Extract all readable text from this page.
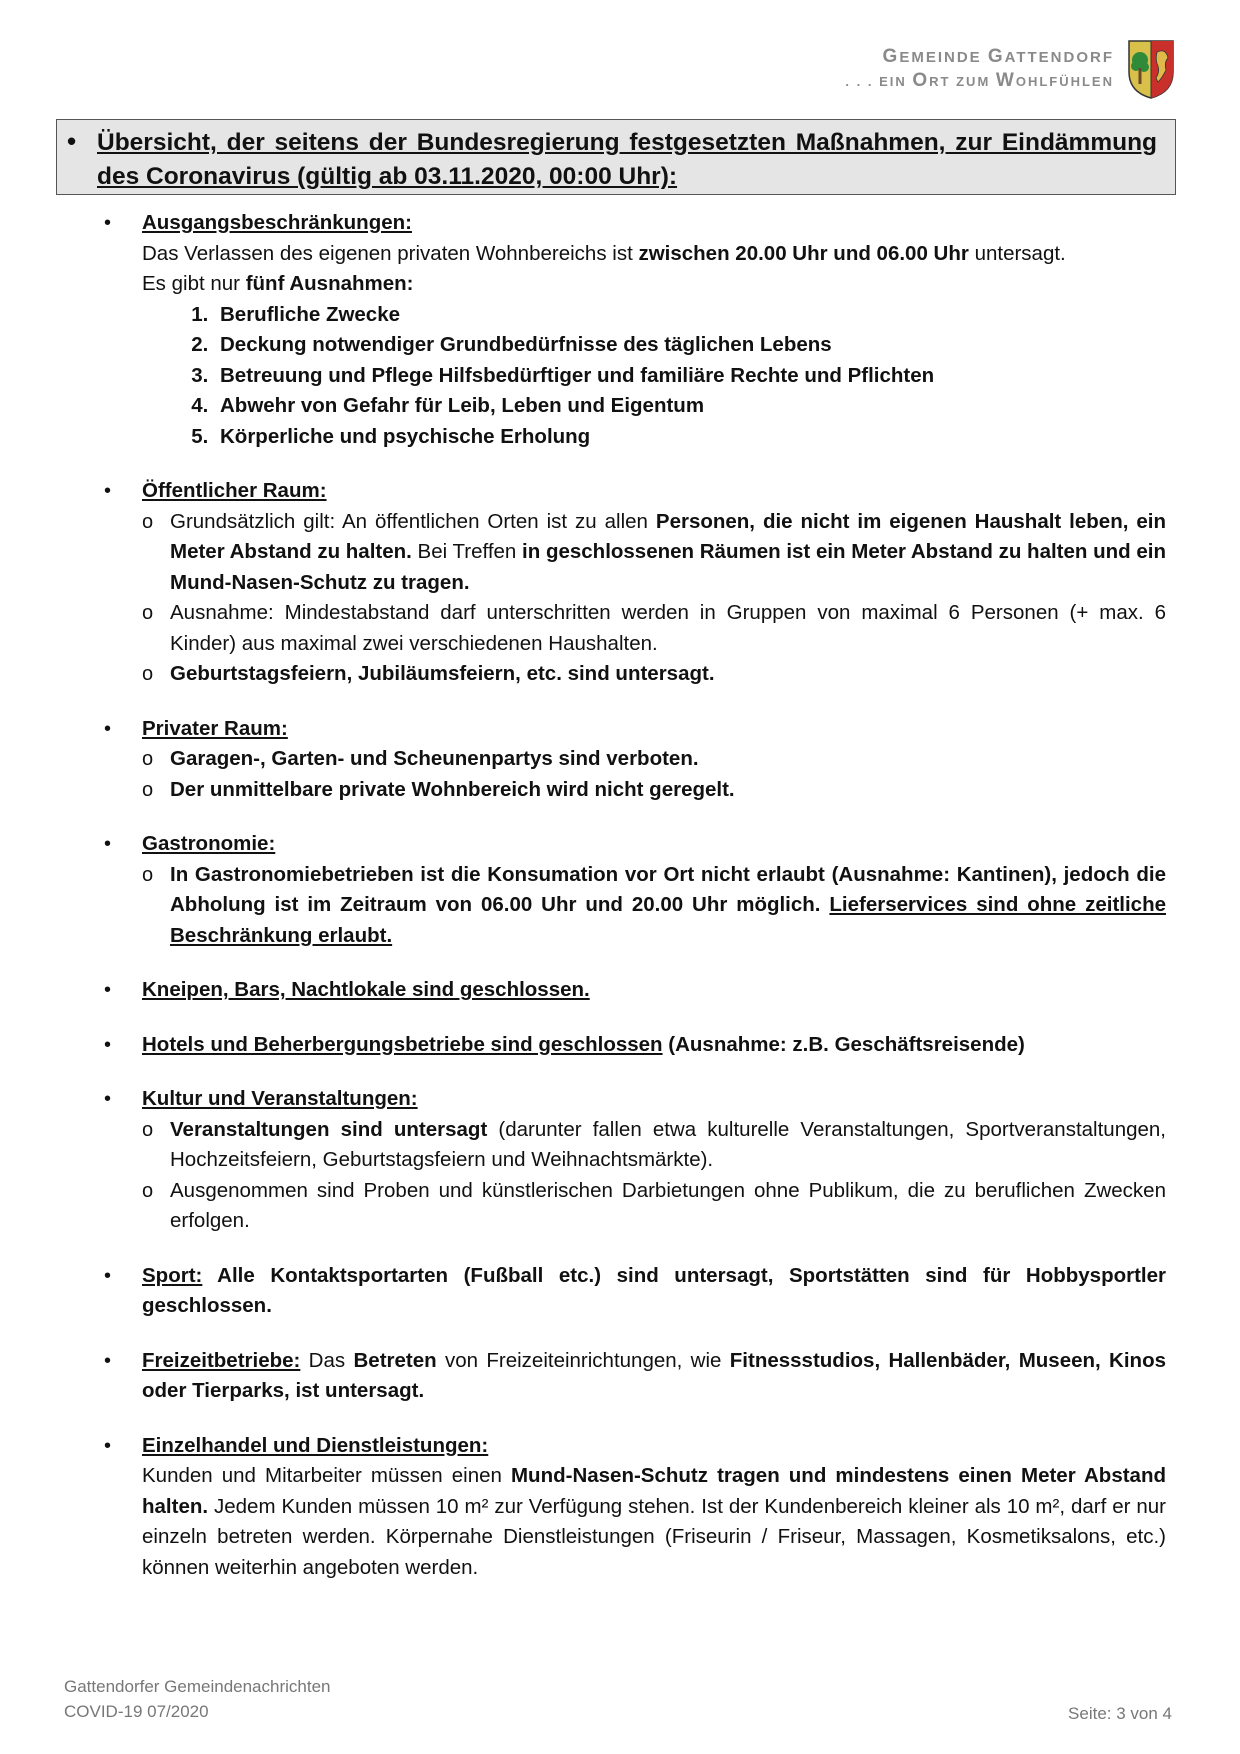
GEMEINDE GATTENDORF
. . . EIN ORT ZUM WOHLFÜHLEN
• Übersicht, der seitens der Bundesregierung festgesetzten Maßnahmen, zur Eindämmung des Coronavirus (gültig ab 03.11.2020, 00:00 Uhr):
•	Ausgangsbeschränkungen:
Das Verlassen des eigenen privaten Wohnbereichs ist zwischen 20.00 Uhr und 06.00 Uhr untersagt.
Es gibt nur fünf Ausnahmen:
1. Berufliche Zwecke
2. Deckung notwendiger Grundbedürfnisse des täglichen Lebens
3. Betreuung und Pflege Hilfsbedürftiger und familiäre Rechte und Pflichten
4. Abwehr von Gefahr für Leib, Leben und Eigentum
5. Körperliche und psychische Erholung
•	Öffentlicher Raum:
o Grundsätzlich gilt: An öffentlichen Orten ist zu allen Personen, die nicht im eigenen Haushalt leben, ein Meter Abstand zu halten. Bei Treffen in geschlossenen Räumen ist ein Meter Abstand zu halten und ein Mund-Nasen-Schutz zu tragen.
o Ausnahme: Mindestabstand darf unterschritten werden in Gruppen von maximal 6 Personen (+ max. 6 Kinder) aus maximal zwei verschiedenen Haushalten.
o Geburtstagsfeiern, Jubiläumsfeiern, etc. sind untersagt.
•	Privater Raum:
o Garagen-, Garten- und Scheunenpartys sind verboten.
o Der unmittelbare private Wohnbereich wird nicht geregelt.
•	Gastronomie:
o In Gastronomiebetrieben ist die Konsumation vor Ort nicht erlaubt (Ausnahme: Kantinen), jedoch die Abholung ist im Zeitraum von 06.00 Uhr und 20.00 Uhr möglich. Lieferservices sind ohne zeitliche Beschränkung erlaubt.
•	Kneipen, Bars, Nachtlokale sind geschlossen.
•	Hotels und Beherbergungsbetriebe sind geschlossen (Ausnahme: z.B. Geschäftsreisende)
•	Kultur und Veranstaltungen:
o Veranstaltungen sind untersagt (darunter fallen etwa kulturelle Veranstaltungen, Sportveranstaltungen, Hochzeitsfeiern, Geburtstagsfeiern und Weihnachtsmärkte).
o Ausgenommen sind Proben und künstlerischen Darbietungen ohne Publikum, die zu beruflichen Zwecken erfolgen.
•	Sport: Alle Kontaktsportarten (Fußball etc.) sind untersagt, Sportstätten sind für Hobbysportler geschlossen.
•	Freizeitbetriebe: Das Betreten von Freizeiteinrichtungen, wie Fitnessstudios, Hallenbäder, Museen, Kinos oder Tierparks, ist untersagt.
•	Einzelhandel und Dienstleistungen:
Kunden und Mitarbeiter müssen einen Mund-Nasen-Schutz tragen und mindestens einen Meter Abstand halten. Jedem Kunden müssen 10 m² zur Verfügung stehen. Ist der Kundenbereich kleiner als 10 m², darf er nur einzeln betreten werden. Körpernahe Dienstleistungen (Friseurin / Friseur, Massagen, Kosmetiksalons, etc.) können weiterhin angeboten werden.
Gattendorfer Gemeindenachrichten
COVID-19 07/2020	Seite: 3 von 4
